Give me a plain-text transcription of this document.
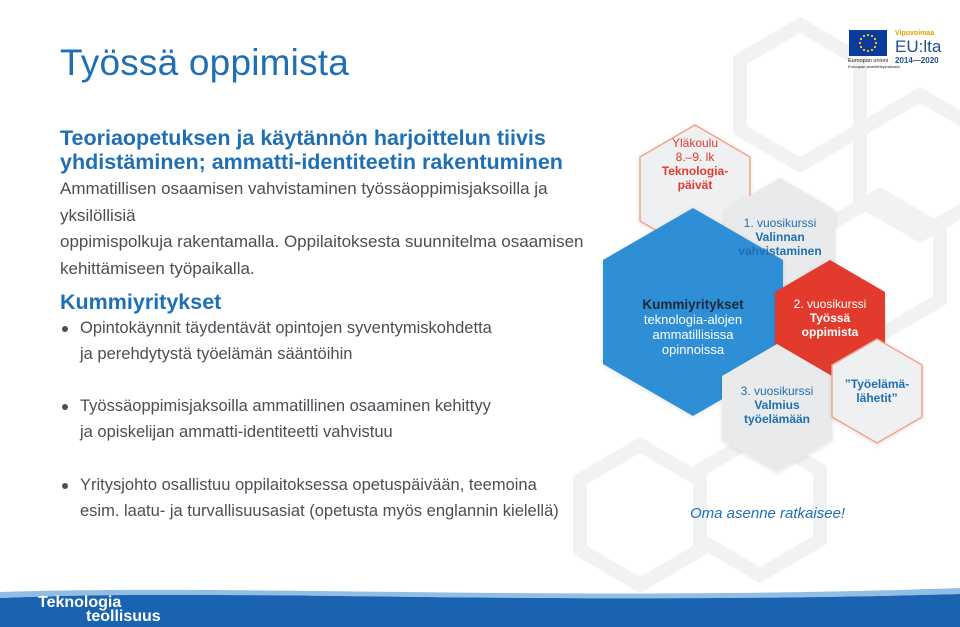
Työssä oppimista
Teoriaopetuksen ja käytännön harjoittelun tiivis
yhdistäminen; ammatti-identiteetin rakentuminen
Ammatillisen osaamisen vahvistaminen työssäoppimisjaksoilla ja yksilöllisiä
oppimispolkuja rakentamalla. Oppilaitoksesta suunnitelma osaamisen
kehittämiseen työpaikalla.
Kummiyritykset
Opintokäynnit täydentävät opintojen syventymiskohdetta
ja perehdytystä työelämän sääntöihin
Työssäoppimisjaksoilla ammatillinen osaaminen kehittyy
ja opiskelijan ammatti-identiteetti vahvistuu
Yritysjohto osallistuu oppilaitoksessa opetuspäivään, teemoina
esim. laatu- ja turvallisuusasiat (opetusta myös englannin kielellä)
Yläkoulu
8.–9. lk
Teknologia-
päivät
1. vuosikurssi
Valinnan
vahvistaminen
Kummiyritykset
teknologia-alojen
ammatillisissa
opinnoissa
2. vuosikurssi
Työssä
oppimista
3. vuosikurssi
Valmius
työelämään
”Työelämä-
lähetit”
Oma asenne ratkaisee!
Teknologia
teollisuus
Euroopan unioni
Euroopan aluekehitysrahasto
Vipuvoimaa
EU:lta
2014—2020
